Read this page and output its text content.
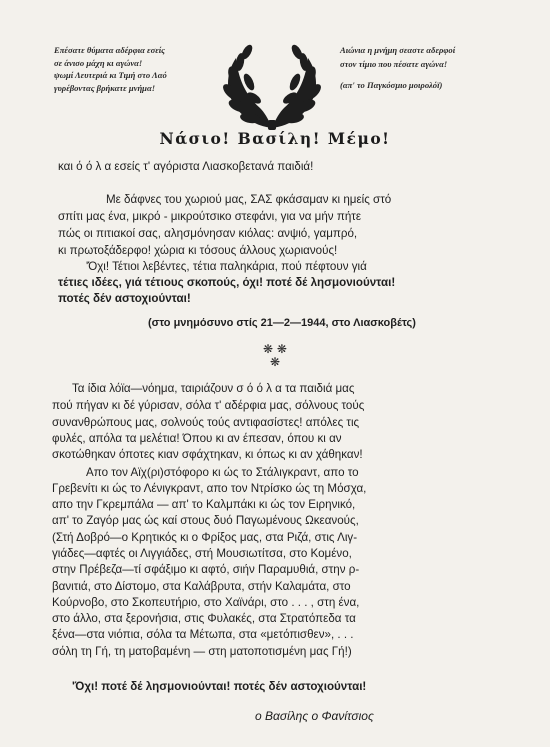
Επέσατε θύματα αδέρφια εσείς
σε άνισο μάχη κι αγώνα!
ψωμί Λευτεριά κι Τιμή στο Λαό
γυρέβοντας βρήκατε μνήμα!
Αιώνια η μνήμη σεαστε αδερφοί
στον τίμιο που πέσατε αγώνα!
(απ' το Παγκόσμιο μοιρολόϊ)
Νάσιο! Βασίλη! Μέμο!
και ό ό λ α εσείς τ' αγόριστα Λιασκοβετανά παιδιά!
Με δάφνες του χωριού μας, ΣΑΣ φκάσαμαν κι ημείς στό
σπίτι μας ένα, μικρό - μικρούτσικο στεφάνι, για να μήν πήτε
πώς οι πιτιακοί σας, αλησμόνησαν κιόλας: ανψιό, γαμπρό,
κι πρωτοξάδερφο! χώρια κι τόσους άλλους χωριανούς!
'Όχι! Τέτιοι λεβέντες, τέτια παληκάρια, πού πέφτουν γιά
τέτιες ιδέες, γιά τέτιους σκοπούς, όχι! ποτέ δέ λησμονιούνται!
ποτές δέν αστοχιούνται!
(στο μνημόσυνο στίς 21—2—1944, στο Λιασκοβέτς)
❋ ❋
❋
Τα ίδια λόϊα—νόημα, ταιριάζουν σ ό ό λ α τα παιδιά μας
πού πήγαν κι δέ γύρισαν, σόλα τ' αδέρφια μας, σόλνους τούς
συνανθρώπους μας, σολνούς τούς αντιφασίστες! απόλες τις
φυλές, απόλα τα μελέτια! Όπου κι αν έπεσαν, όπου κι αν
σκοτώθηκαν όποτες κιαν σφάχτηκαν, κι όπως κι αν χάθηκαν!
Απο τον Αϊχ(ρι)στόφορο κι ώς το Στάλιγκραντ, απο το
Γρεβενίτι κι ώς το Λένιγκραντ, απο τον Ντρίσκο ώς τη Μόσχα,
απο την Γκρεμπάλα — απ' το Καλμπάκι κι ώς τον Ειρηνικό,
απ' το Ζαγόρ μας ώς καί στους δυό Παγωμένους Ωκεανούς,
(Στή Δοβρό—ο Κρητικός κι ο Φρίξος μας, στα Ριζά, στις Λιγ-
γιάδες—αφτές οι Λιγγιάδες, στή Μουσιωτίτσα, στο Κομένο,
στην Πρέβεζα—τί σφάξιμο κι αφτό, σιήν Παραμυθιά, στην ρ-
βανιτιά, στο Δίστομο, στα Καλάβρυτα, στήν Καλαμάτα, στο
Κούρνοβο, στο Σκοπευτήριο, στο Χαϊνάρι, στο . . . , στη ένα,
στο άλλο, στα ξερονήσια, στις Φυλακές, στα Στρατόπεδα τα
ξένα—στα νιόπια, σόλα τα Μέτωπα, στα «μετόπισθεν», . . .
σόλη τη Γή, τη ματοβαμένη — στη ματοποτισμένη μας Γή!)
'Όχι! ποτέ δέ λησμονιούνται! ποτές δέν αστοχιούνται!
ο Βασίλης ο Φανίτσιος
